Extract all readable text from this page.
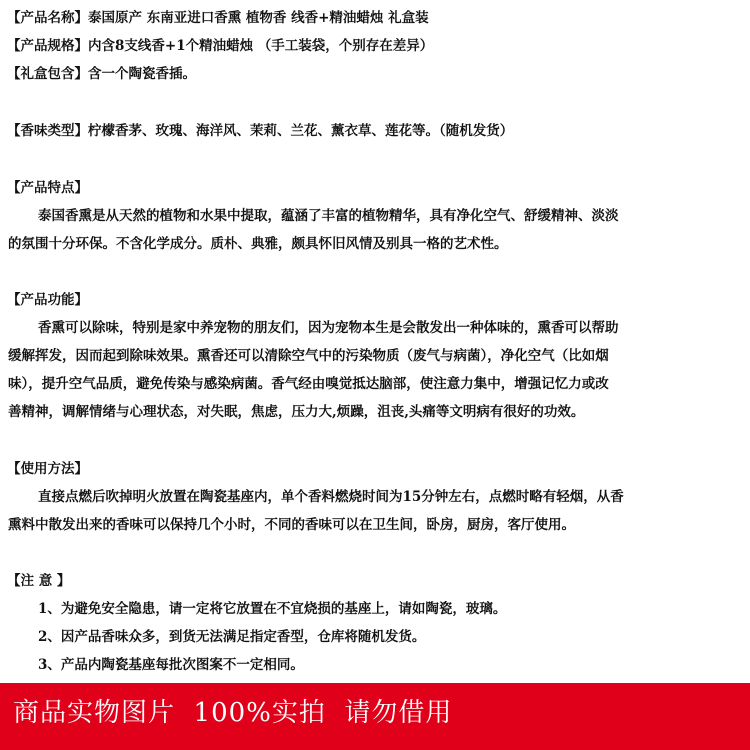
【产品名称】泰国原产 东南亚进口香熏 植物香 线香+精油蜡烛 礼盒装
【产品规格】内含8支线香+1个精油蜡烛 （手工装袋，个别存在差异）
【礼盒包含】含一个陶瓷香插。
【香味类型】柠檬香茅、玫瑰、海洋风、茉莉、兰花、薰衣草、莲花等。（随机发货）
【产品特点】
泰国香熏是从天然的植物和水果中提取，蕴涵了丰富的植物精华，具有净化空气、舒缓精神、淡淡
的氛围十分环保。不含化学成分。质朴、典雅，颇具怀旧风情及别具一格的艺术性。
【产品功能】
香熏可以除味，特别是家中养宠物的朋友们，因为宠物本生是会散发出一种体味的，熏香可以帮助
缓解挥发，因而起到除味效果。熏香还可以清除空气中的污染物质（废气与病菌），净化空气（比如烟
味），提升空气品质，避免传染与感染病菌。香气经由嗅觉抵达脑部，使注意力集中，增强记忆力或改
善精神，调解情绪与心理状态，对失眠，焦虑，压力大,烦躁，沮丧,头痛等文明病有很好的功效。
【使用方法】
直接点燃后吹掉明火放置在陶瓷基座内，单个香料燃烧时间为15分钟左右，点燃时略有轻烟，从香
熏料中散发出来的香味可以保持几个小时，不同的香味可以在卫生间，卧房，厨房，客厅使用。
【注 意 】
1、为避免安全隐患，请一定将它放置在不宜烧损的基座上，请如陶瓷，玻璃。
2、因产品香味众多，到货无法满足指定香型，仓库将随机发货。
3、产品内陶瓷基座每批次图案不一定相同。
商品实物图片  100%实拍  请勿借用
